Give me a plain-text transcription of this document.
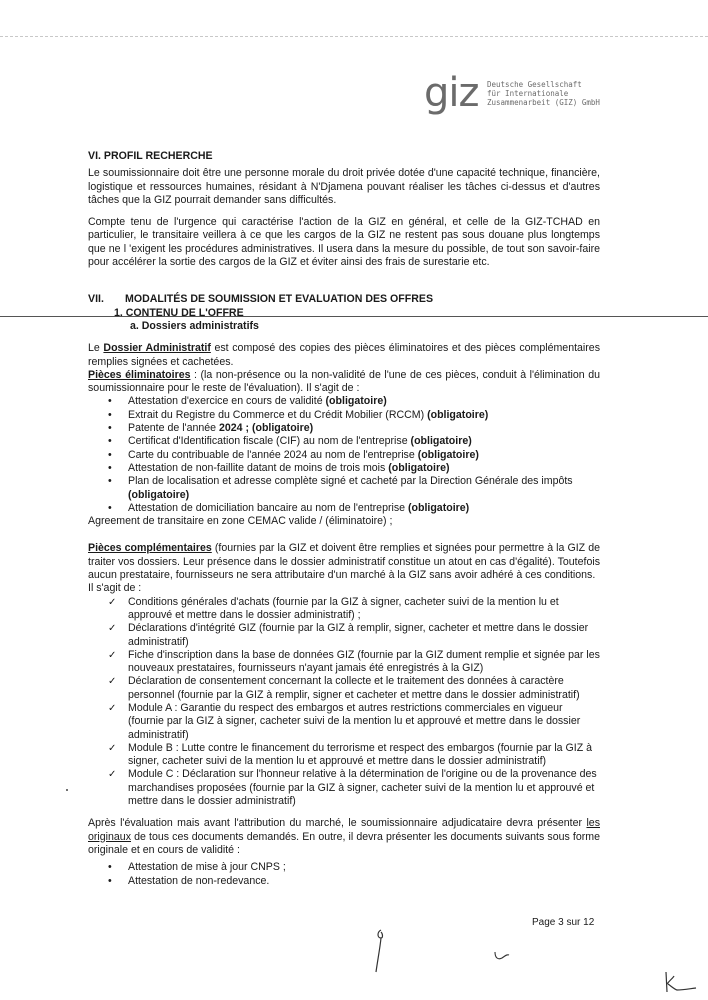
giz Deutsche Gesellschaft
für Internationale
Zusammenarbeit (GIZ) GmbH
VI. PROFIL RECHERCHE

Le soumissionnaire doit être une personne morale du droit privée dotée d'une capacité technique, financière, logistique et ressources humaines, résidant à N'Djamena pouvant réaliser les tâches ci-dessus et d'autres tâches que la GIZ pourrait demander sans difficultés.

Compte tenu de l'urgence qui caractérise l'action de la GIZ en général, et celle de la GIZ-TCHAD en particulier, le transitaire veillera à ce que les cargos de la GIZ ne restent pas sous douane plus longtemps que ne l 'exigent les procédures administratives. Il usera dans la mesure du possible, de tout son savoir-faire pour accélérer la sortie des cargos de la GIZ et éviter ainsi des frais de surestarie etc.

VII.	MODALITÉS DE SOUMISSION ET EVALUATION DES OFFRES
1. CONTENU DE L'OFFRE
a. Dossiers administratifs

Le Dossier Administratif est composé des copies des pièces éliminatoires et des pièces complémentaires remplies signées et cachetées.

Pièces éliminatoires : (la non-présence ou la non-validité de l'une de ces pièces, conduit à l'élimination du soumissionnaire pour le reste de l'évaluation). Il s'agit de :

• Attestation d'exercice en cours de validité (obligatoire)
• Extrait du Registre du Commerce et du Crédit Mobilier (RCCM) (obligatoire)
• Patente de l'année 2024 ; (obligatoire)
• Certificat d'Identification fiscale (CIF) au nom de l'entreprise (obligatoire)
• Carte du contribuable de l'année 2024 au nom de l'entreprise (obligatoire)
• Attestation de non-faillite datant de moins de trois mois (obligatoire)
• Plan de localisation et adresse complète signé et cacheté par la Direction Générale des impôts (obligatoire)
• Attestation de domiciliation bancaire au nom de l'entreprise (obligatoire)

Agreement de transitaire en zone CEMAC valide / (éliminatoire) ;

Pièces complémentaires (fournies par la GIZ et doivent être remplies et signées pour permettre à la GIZ de traiter vos dossiers. Leur présence dans le dossier administratif constitue un atout en cas d'égalité). Toutefois aucun prestataire, fournisseurs ne sera attributaire d'un marché à la GIZ sans avoir adhéré à ces conditions.

Il s'agit de :

✓ Conditions générales d'achats (fournie par la GIZ à signer, cacheter suivi de la mention lu et approuvé et mettre dans le dossier administratif) ;
✓ Déclarations d'intégrité GIZ (fournie par la GIZ à remplir, signer, cacheter et mettre dans le dossier administratif)
✓ Fiche d'inscription dans la base de données GIZ (fournie par la GIZ dument remplie et signée par les nouveaux prestataires, fournisseurs n'ayant jamais été enregistrés à la GIZ)
✓ Déclaration de consentement concernant la collecte et le traitement des données à caractère personnel (fournie par la GIZ à remplir, signer et cacheter et mettre dans le dossier administratif)
✓ Module A : Garantie du respect des embargos et autres restrictions commerciales en vigueur (fournie par la GIZ à signer, cacheter suivi de la mention lu et approuvé et mettre dans le dossier administratif)
✓ Module B : Lutte contre le financement du terrorisme et respect des embargos (fournie par la GIZ à signer, cacheter suivi de la mention lu et approuvé et mettre dans le dossier administratif)
✓ Module C : Déclaration sur l'honneur relative à la détermination de l'origine ou de la provenance des marchandises proposées (fournie par la GIZ à signer, cacheter suivi de la mention lu et approuvé et mettre dans le dossier administratif)

Après l'évaluation mais avant l'attribution du marché, le soumissionnaire adjudicataire devra présenter les originaux de tous ces documents demandés. En outre, il devra présenter les documents suivants sous forme originale et en cours de validité :

• Attestation de mise à jour CNPS ;
• Attestation de non-redevance.
Page 3 sur 12
